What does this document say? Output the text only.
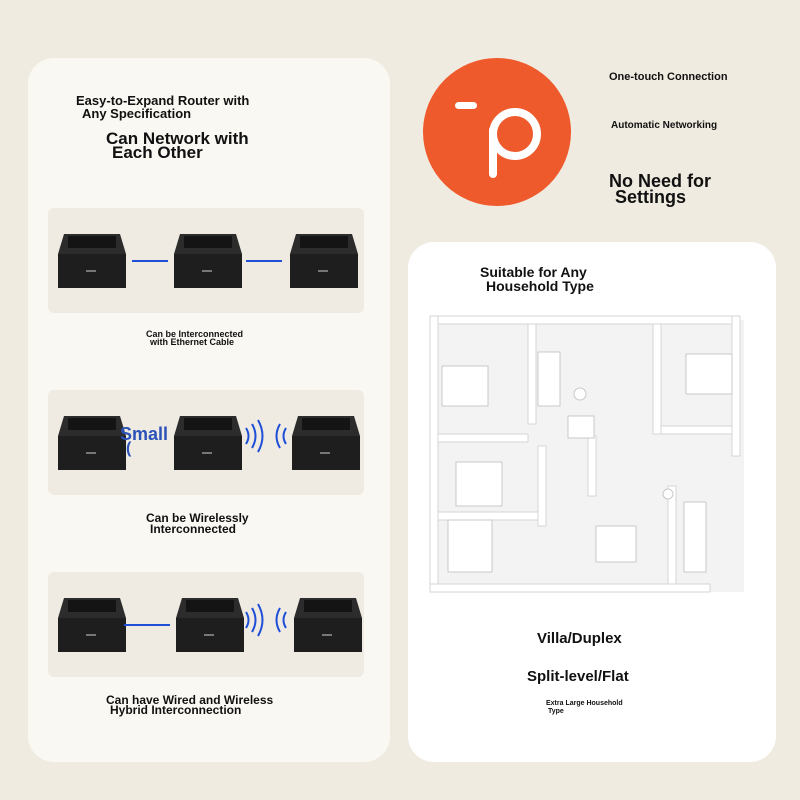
Easy-to-Expand Router with
Any Specification
Can Network with
Each Other
Can be Interconnected
with Ethernet Cable
Small
(
Can be Wirelessly
Interconnected
Can have Wired and Wireless
Hybrid Interconnection
One-touch Connection
Automatic Networking
No Need for
Settings
Suitable for Any
Household Type
Villa/Duplex
Split-level/Flat
Extra Large Household
Type
